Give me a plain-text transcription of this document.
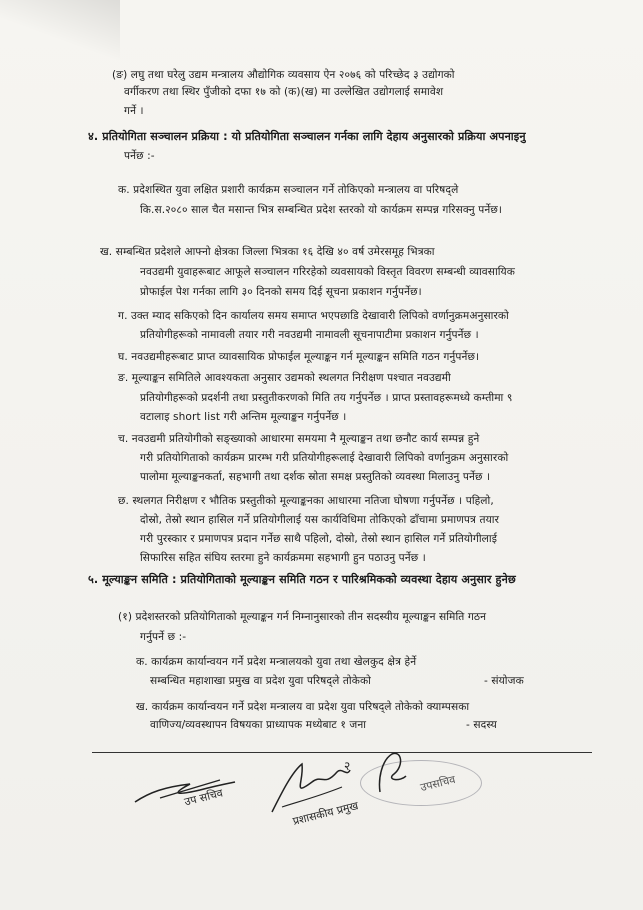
(ङ) लघु तथा घरेलु उद्यम मन्त्रालय औद्योगिक व्यवसाय ऐन २०७६ को परिच्छेद ३ उद्योगको
वर्गीकरण तथा स्थिर पुँजीको दफा १७ को (क)(ख) मा उल्लेखित उद्योगलाई समावेश
गर्ने ।
४. प्रतियोगिता सञ्चालन प्रक्रिया : यो प्रतियोगिता सञ्चालन गर्नका लागि देहाय अनुसारको प्रक्रिया अपनाइनु
पर्नेछ :-
क. प्रदेशस्थित युवा लक्षित प्रशारी कार्यक्रम सञ्चालन गर्ने तोकिएको मन्त्रालय वा परिषद्ले
कि.स.२०८० साल चैत मसान्त भित्र सम्बन्धित प्रदेश स्तरको यो कार्यक्रम सम्पन्न गरिसक्नु पर्नेछ।
ख. सम्बन्धित प्रदेशले आफ्नो क्षेत्रका जिल्ला भित्रका १६ देखि ४० वर्ष उमेरसमूह भित्रका
नवउद्यमी युवाहरूबाट आफूले सञ्चालन गरिरहेको व्यवसायको विस्तृत विवरण सम्बन्धी व्यावसायिक
प्रोफाईल पेश गर्नका लागि ३० दिनको समय दिई सूचना प्रकाशन गर्नुपर्नेछ।
ग. उक्त म्याद सकिएको दिन कार्यालय समय समाप्त भएपछाडि देखावारी लिपिको वर्णानुक्रमअनुसारको
प्रतियोगीहरूको नामावली तयार गरी नवउद्यमी नामावली सूचनापाटीमा प्रकाशन गर्नुपर्नेछ ।
घ. नवउद्यमीहरूबाट प्राप्त व्यावसायिक प्रोफाईल मूल्याङ्कन गर्न मूल्याङ्कन समिति गठन गर्नुपर्नेछ।
ङ. मूल्याङ्कन समितिले आवश्यकता अनुसार उद्यमको स्थलगत निरीक्षण पश्चात नवउद्यमी
प्रतियोगीहरूको प्रदर्शनी तथा प्रस्तुतीकरणको मिति तय गर्नुपर्नेछ । प्राप्त प्रस्तावहरूमध्ये कम्तीमा ९
वटालाइ short list गरी अन्तिम मूल्याङ्कन गर्नुपर्नेछ ।
च. नवउद्यमी प्रतियोगीको सङ्ख्याको आधारमा समयमा नै मूल्याङ्कन तथा छनौट कार्य सम्पन्न हुने
गरी प्रतियोगिताको कार्यक्रम प्रारम्भ गरी प्रतियोगीहरूलाई देखावारी लिपिको वर्णानुक्रम अनुसारको
पालोमा मूल्याङ्कनकर्ता, सहभागी तथा दर्शक स्रोता समक्ष प्रस्तुतिको व्यवस्था मिलाउनु पर्नेछ ।
छ. स्थलगत निरीक्षण र भौतिक प्रस्तुतीको मूल्याङ्कनका आधारमा नतिजा घोषणा गर्नुपर्नेछ । पहिलो,
दोस्रो, तेस्रो स्थान हासिल गर्ने प्रतियोगीलाई यस कार्यविधिमा तोकिएको ढाँचामा प्रमाणपत्र तयार
गरी पुरस्कार र प्रमाणपत्र प्रदान गर्नेछ साथै पहिलो, दोस्रो, तेस्रो स्थान हासिल गर्ने प्रतियोगीलाई
सिफारिस सहित संघिय स्तरमा हुने कार्यक्रममा सहभागी हुन पठाउनु पर्नेछ ।
५. मूल्याङ्कन समिति : प्रतियोगिताको मूल्याङ्कन समिति गठन र पारिश्रमिकको व्यवस्था देहाय अनुसार हुनेछ
(१) प्रदेशस्तरको प्रतियोगिताको मूल्याङ्कन गर्न निम्नानुसारको तीन सदस्यीय मूल्याङ्कन समिति गठन
गर्नुपर्ने छ :-
क. कार्यक्रम कार्यान्वयन गर्ने प्रदेश मन्त्रालयको युवा तथा खेलकुद क्षेत्र हेर्ने
सम्बन्धित महाशाखा प्रमुख वा प्रदेश युवा परिषद्ले तोकेको	- संयोजक
ख. कार्यक्रम कार्यान्वयन गर्ने प्रदेश मन्त्रालय वा प्रदेश युवा परिषद्ले तोकेको क्याम्पसका
वाणिज्य/व्यवस्थापन विषयका प्राध्यापक मध्येबाट १ जना	- सदस्य
२
उप सचिव
प्रशासकीय प्रमुख
उपसचिव
